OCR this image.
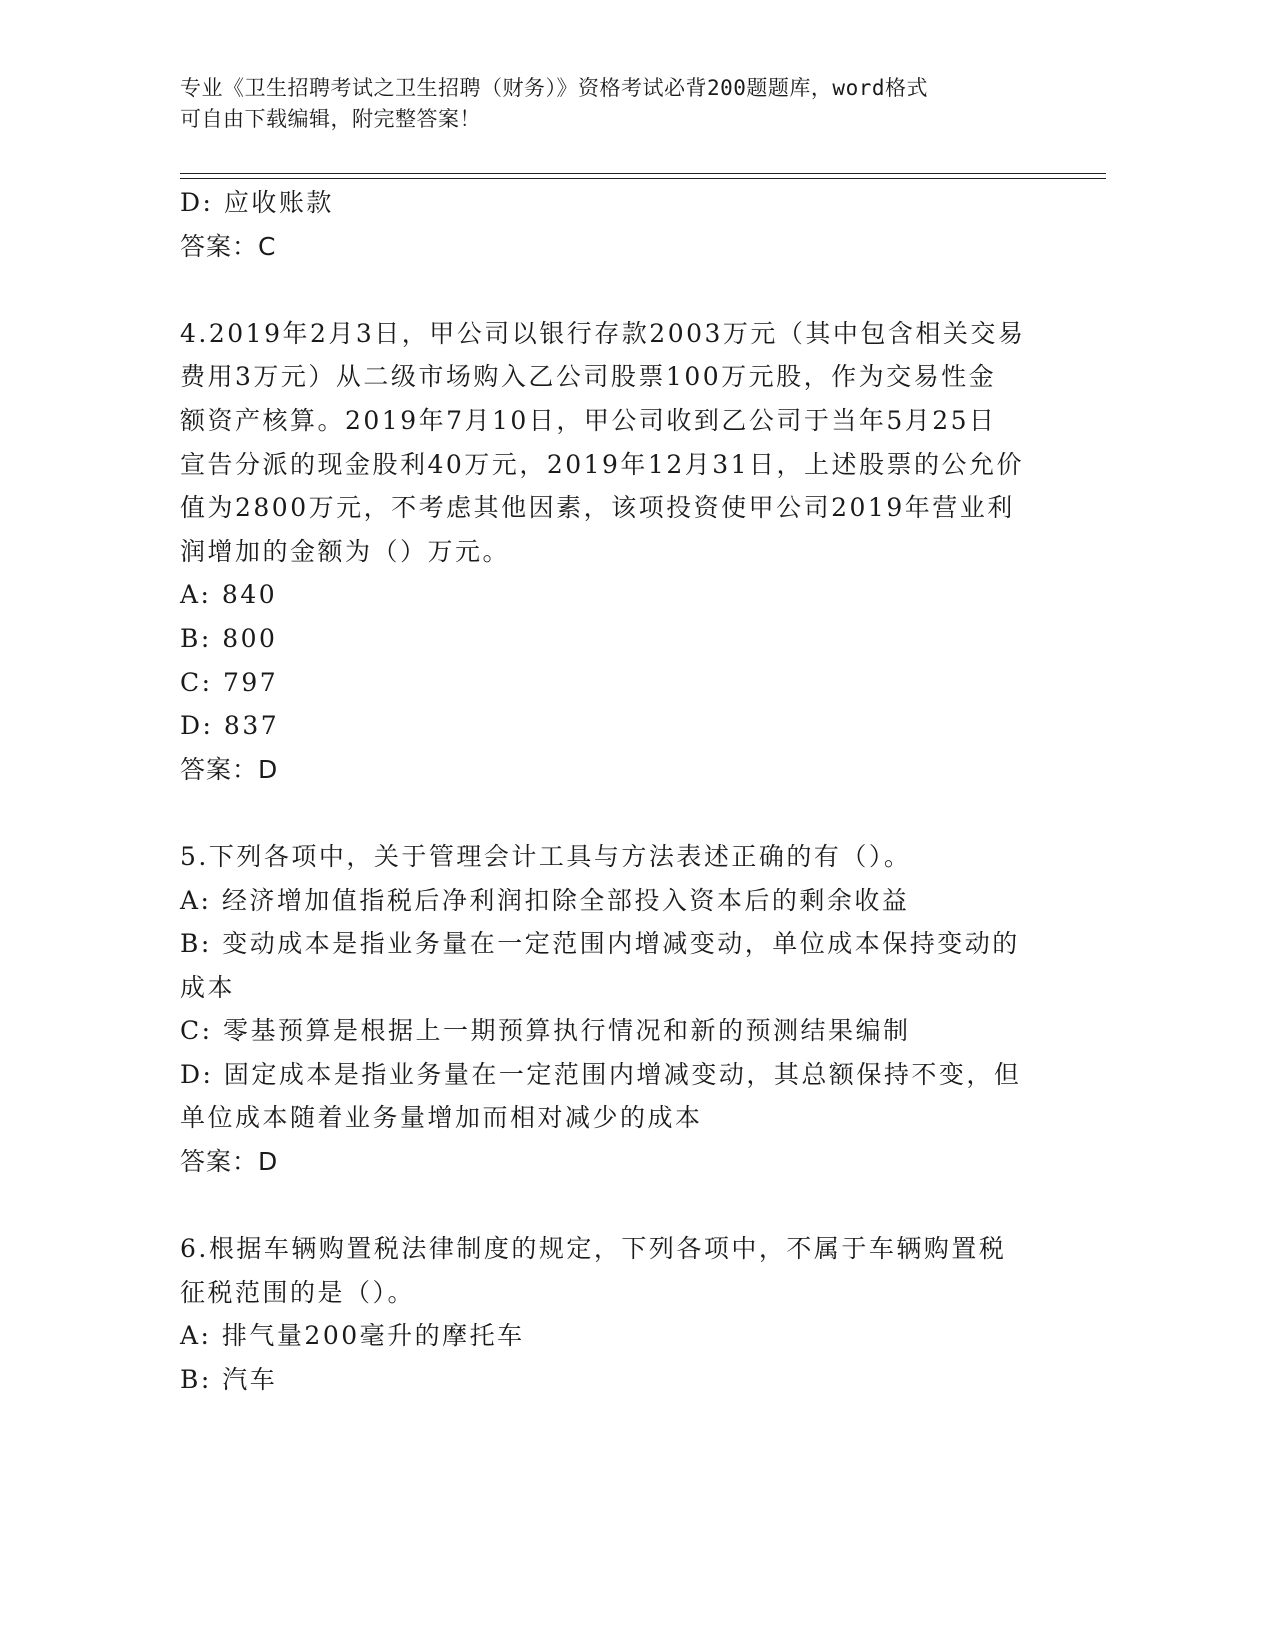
专业《卫生招聘考试之卫生招聘（财务）》资格考试必背200题题库，word格式
可自由下载编辑，附完整答案！
D: 应收账款
答案：C
4.2019年2月3日，甲公司以银行存款2003万元（其中包含相关交易
费用3万元）从二级市场购入乙公司股票100万元股，作为交易性金
额资产核算。2019年7月10日，甲公司收到乙公司于当年5月25日
宣告分派的现金股利40万元，2019年12月31日，上述股票的公允价
值为2800万元，不考虑其他因素，该项投资使甲公司2019年营业利
润增加的金额为（）万元。
A: 840
B: 800
C: 797
D: 837
答案：D
5.下列各项中，关于管理会计工具与方法表述正确的有（）。
A: 经济增加值指税后净利润扣除全部投入资本后的剩余收益
B: 变动成本是指业务量在一定范围内增减变动，单位成本保持变动的
成本
C: 零基预算是根据上一期预算执行情况和新的预测结果编制
D: 固定成本是指业务量在一定范围内增减变动，其总额保持不变，但
单位成本随着业务量增加而相对减少的成本
答案：D
6.根据车辆购置税法律制度的规定，下列各项中，不属于车辆购置税
征税范围的是（）。
A: 排气量200毫升的摩托车
B: 汽车
